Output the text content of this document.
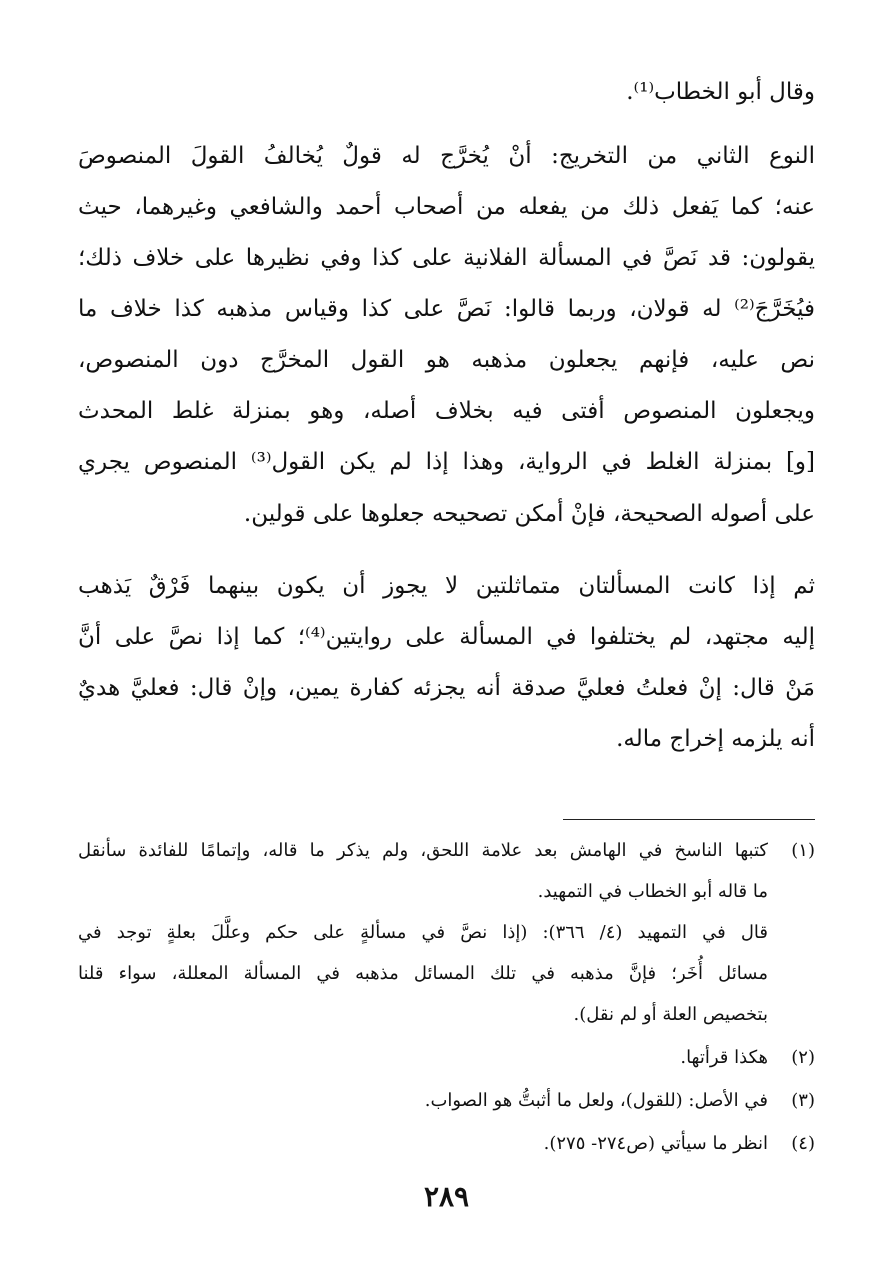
وقال أبو الخطاب⁽¹⁾.
النوع الثاني من التخريج: أنْ يُخرَّج له قولٌ يُخالفُ القولَ المنصوصَ
عنه؛ كما يَفعل ذلك من يفعله من أصحاب أحمد والشافعي وغيرهما، حيث
يقولون: قد نَصَّ في المسألة الفلانية على كذا وفي نظيرها على خلاف ذلك؛
فيُخَرَّجَ⁽²⁾ له قولان، وربما قالوا: نَصَّ على كذا وقياس مذهبه كذا خلاف ما
نص عليه، فإنهم يجعلون مذهبه هو القول المخرَّج دون المنصوص،
ويجعلون المنصوص أفتى فيه بخلاف أصله، وهو بمنزلة غلط المحدث
[و] بمنزلة الغلط في الرواية، وهذا إذا لم يكن القول⁽³⁾ المنصوص يجري
على أصوله الصحيحة، فإنْ أمكن تصحيحه جعلوها على قولين.
ثم إذا كانت المسألتان متماثلتين لا يجوز أن يكون بينهما فَرْقٌ يَذهب
إليه مجتهد، لم يختلفوا في المسألة على روايتين⁽⁴⁾؛ كما إذا نصَّ على أنَّ
مَنْ قال: إنْ فعلتُ فعليَّ صدقة أنه يجزئه كفارة يمين، وإنْ قال: فعليَّ هديٌ
أنه يلزمه إخراج ماله.
(١)
كتبها الناسخ في الهامش بعد علامة اللحق، ولم يذكر ما قاله، وإتمامًا للفائدة سأنقل
ما قاله أبو الخطاب في التمهيد.
قال في التمهيد (٤/ ٣٦٦): (إذا نصَّ في مسألةٍ على حكم وعلَّلَ بعلةٍ توجد في
مسائل أُخَر؛ فإنَّ مذهبه في تلك المسائل مذهبه في المسألة المعللة، سواء قلنا
بتخصيص العلة أو لم نقل).
(٢)
هكذا قرأتها.
(٣)
في الأصل: (للقول)، ولعل ما أثبتُّ هو الصواب.
(٤)
انظر ما سيأتي (ص٢٧٤- ٢٧٥).
٢٨٩
